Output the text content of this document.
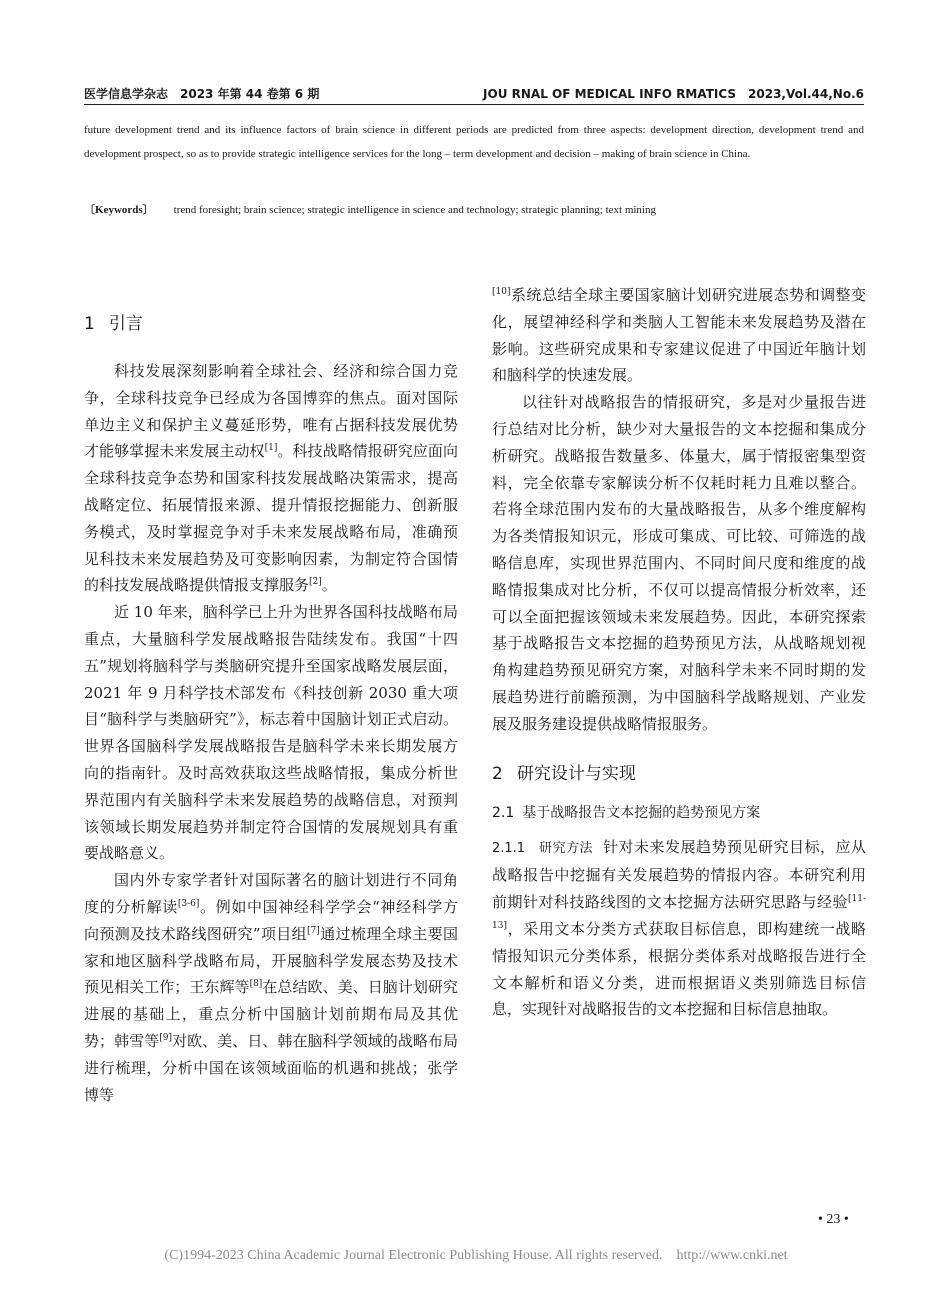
医学信息学杂志　2023 年第 44 卷第 6 期	JOU RNAL OF MEDICAL INFO RMATICS　2023,Vol.44,No.6
future development trend and its influence factors of brain science in different periods are predicted from three aspects: development direction, development trend and development prospect, so as to provide strategic intelligence services for the long – term development and decision – making of brain science in China.
〔Keywords〕 trend foresight; brain science; strategic intelligence in science and technology; strategic planning; text mining
1 引言

科技发展深刻影响着全球社会、经济和综合国力竞争，全球科技竞争已经成为各国博弈的焦点。面对国际单边主义和保护主义蔓延形势，唯有占据科技发展优势才能够掌握未来发展主动权[1]。科技战略情报研究应面向全球科技竞争态势和国家科技发展战略决策需求，提高战略定位、拓展情报来源、提升情报挖掘能力、创新服务模式，及时掌握竞争对手未来发展战略布局，准确预见科技未来发展趋势及可变影响因素，为制定符合国情的科技发展战略提供情报支撑服务[2]。

近 10 年来，脑科学已上升为世界各国科技战略布局重点，大量脑科学发展战略报告陆续发布。我国“十四五”规划将脑科学与类脑研究提升至国家战略发展层面，2021 年 9 月科学技术部发布《科技创新 2030 重大项目“脑科学与类脑研究”》，标志着中国脑计划正式启动。世界各国脑科学发展战略报告是脑科学未来长期发展方向的指南针。及时高效获取这些战略情报，集成分析世界范围内有关脑科学未来发展趋势的战略信息，对预判该领域长期发展趋势并制定符合国情的发展规划具有重要战略意义。

国内外专家学者针对国际著名的脑计划进行不同角度的分析解读[3-6]。例如中国神经科学学会“神经科学方向预测及技术路线图研究”项目组[7]通过梳理全球主要国家和地区脑科学战略布局，开展脑科学发展态势及技术预见相关工作；王东辉等[8]在总结欧、美、日脑计划研究进展的基础上，重点分析中国脑计划前期布局及其优势；韩雪等[9]对欧、美、日、韩在脑科学领域的战略布局进行梳理，分析中国在该领域面临的机遇和挑战；张学博等

[10]系统总结全球主要国家脑计划研究进展态势和调整变化，展望神经科学和类脑人工智能未来发展趋势及潜在影响。这些研究成果和专家建议促进了中国近年脑计划和脑科学的快速发展。

以往针对战略报告的情报研究，多是对少量报告进行总结对比分析，缺少对大量报告的文本挖掘和集成分析研究。战略报告数量多、体量大，属于情报密集型资料，完全依靠专家解读分析不仅耗时耗力且难以整合。若将全球范围内发布的大量战略报告，从多个维度解构为各类情报知识元，形成可集成、可比较、可筛选的战略信息库，实现世界范围内、不同时间尺度和维度的战略情报集成对比分析，不仅可以提高情报分析效率，还可以全面把握该领域未来发展趋势。因此，本研究探索基于战略报告文本挖掘的趋势预见方法，从战略规划视角构建趋势预见研究方案，对脑科学未来不同时期的发展趋势进行前瞻预测，为中国脑科学战略规划、产业发展及服务建设提供战略情报服务。

2 研究设计与实现
2.1 基于战略报告文本挖掘的趋势预见方案

2.1.1　 研究方法 针对未来发展趋势预见研究目标，应从战略报告中挖掘有关发展趋势的情报内容。本研究利用前期针对科技路线图的文本挖掘方法研究思路与经验[11-13]，采用文本分类方式获取目标信息，即构建统一战略情报知识元分类体系，根据分类体系对战略报告进行全文本解析和语义分类，进而根据语义类别筛选目标信息，实现针对战略报告的文本挖掘和目标信息抽取。

• 23 •
(C)1994-2023 China Academic Journal Electronic Publishing House. All rights reserved.　http://www.cnki.net
